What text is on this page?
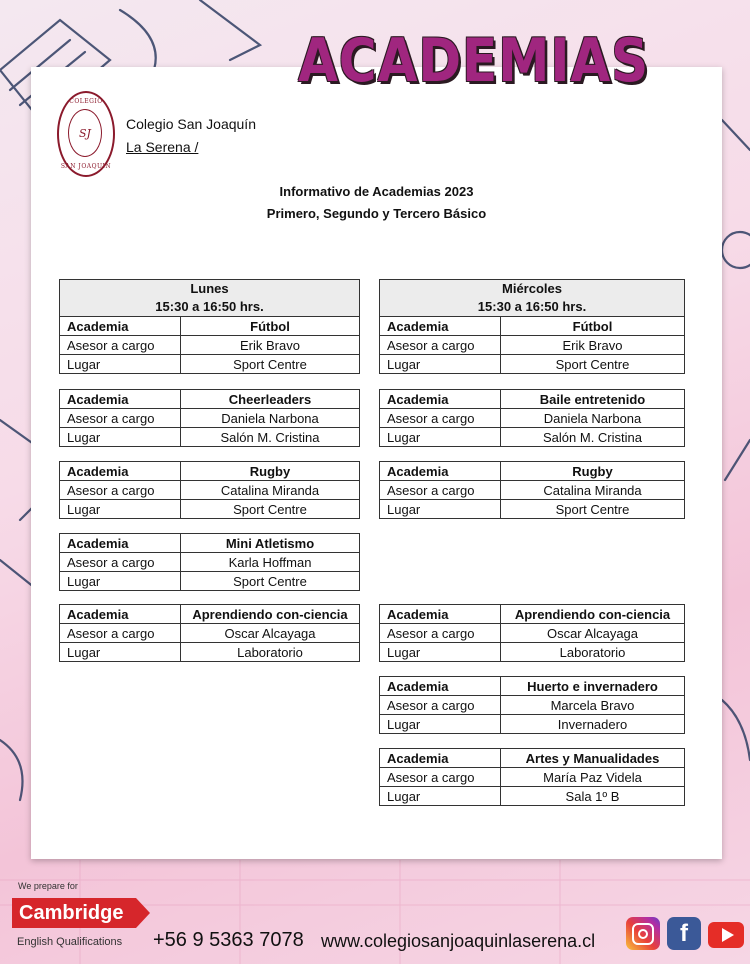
ACADEMIAS
COLEGIO
SJ
SAN JOAQUIN
Colegio San Joaquín
La Serena /
Informativo de Academias 2023
Primero, Segundo y Tercero Básico
Lunes
15:30 a 16:50 hrs.	
Academia	Fútbol
Asesor a cargo	Erik Bravo
Lugar	Sport Centre
Miércoles
15:30 a 16:50 hrs.	
Academia	Fútbol
Asesor a cargo	Erik Bravo
Lugar	Sport Centre
Academia	Cheerleaders
Asesor a cargo	Daniela Narbona
Lugar	Salón M. Cristina
Academia	Baile entretenido
Asesor a cargo	Daniela Narbona
Lugar	Salón M. Cristina
Academia	Rugby
Asesor a cargo	Catalina Miranda
Lugar	Sport Centre
Academia	Rugby
Asesor a cargo	Catalina Miranda
Lugar	Sport Centre
Academia	Mini Atletismo
Asesor a cargo	Karla Hoffman
Lugar	Sport Centre
Academia	Aprendiendo con-ciencia
Asesor a cargo	Oscar Alcayaga
Lugar	Laboratorio
Academia	Aprendiendo con-ciencia
Asesor a cargo	Oscar Alcayaga
Lugar	Laboratorio
Academia	Huerto e invernadero
Asesor a cargo	Marcela Bravo
Lugar	Invernadero
Academia	Artes y Manualidades
Asesor a cargo	María Paz Videla
Lugar	Sala 1º B
We prepare for
Cambridge
English Qualifications +56 9 5363 7078 www.colegiosanjoaquinlaserena.cl	f
